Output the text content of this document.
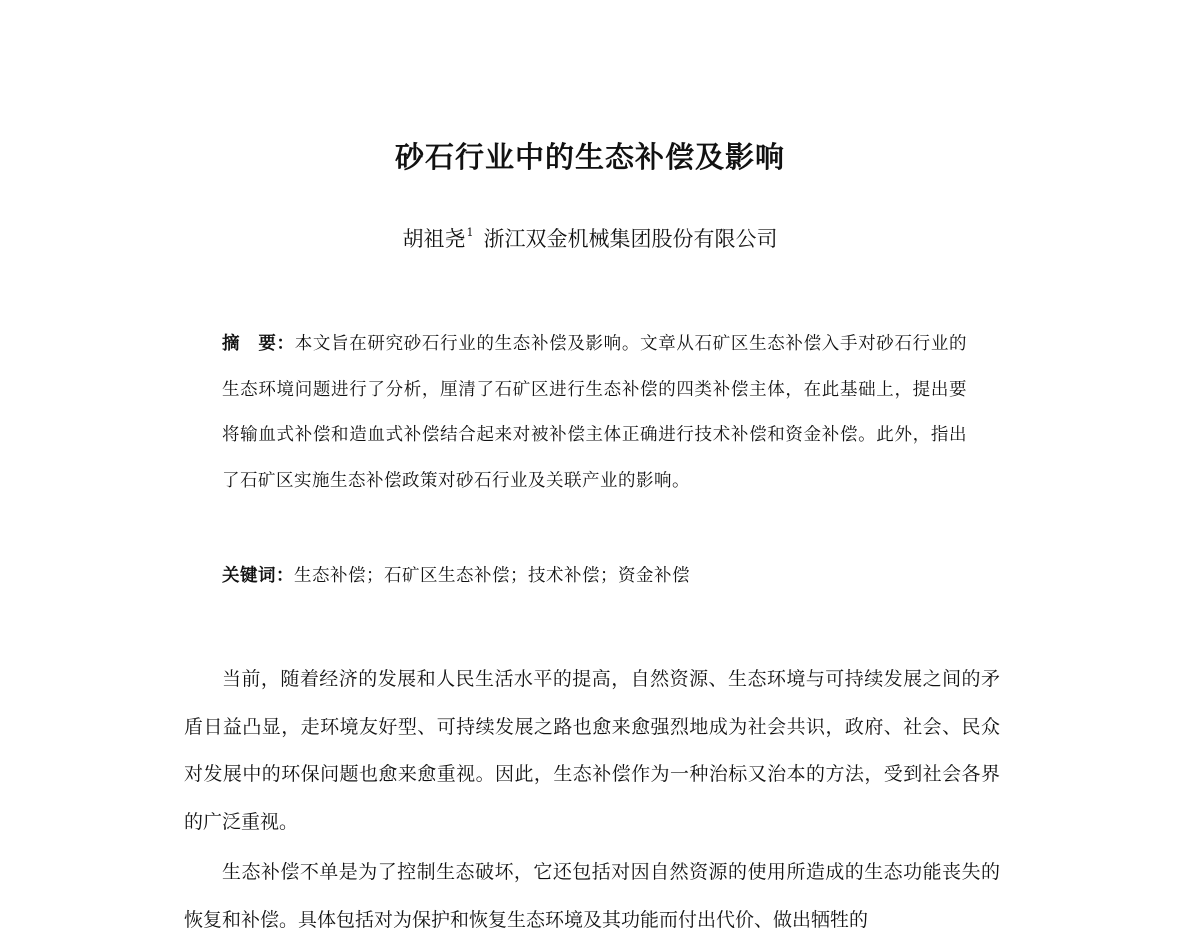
砂石行业中的生态补偿及影响
胡祖尧$^1$ 浙江双金机械集团股份有限公司
摘　要：本文旨在研究砂石行业的生态补偿及影响。文章从石矿区生态补偿入手对砂石行业的生态环境问题进行了分析，厘清了石矿区进行生态补偿的四类补偿主体，在此基础上，提出要将输血式补偿和造血式补偿结合起来对被补偿主体正确进行技术补偿和资金补偿。此外，指出了石矿区实施生态补偿政策对砂石行业及关联产业的影响。
关键词：生态补偿；石矿区生态补偿；技术补偿；资金补偿

当前，随着经济的发展和人民生活水平的提高，自然资源、生态环境与可持续发展之间的矛盾日益凸显，走环境友好型、可持续发展之路也愈来愈强烈地成为社会共识，政府、社会、民众对发展中的环保问题也愈来愈重视。因此，生态补偿作为一种治标又治本的方法，受到社会各界的广泛重视。

生态补偿不单是为了控制生态破坏，它还包括对因自然资源的使用所造成的生态功能丧失的恢复和补偿。具体包括对为保护和恢复生态环境及其功能而付出代价、做出牺牲的
